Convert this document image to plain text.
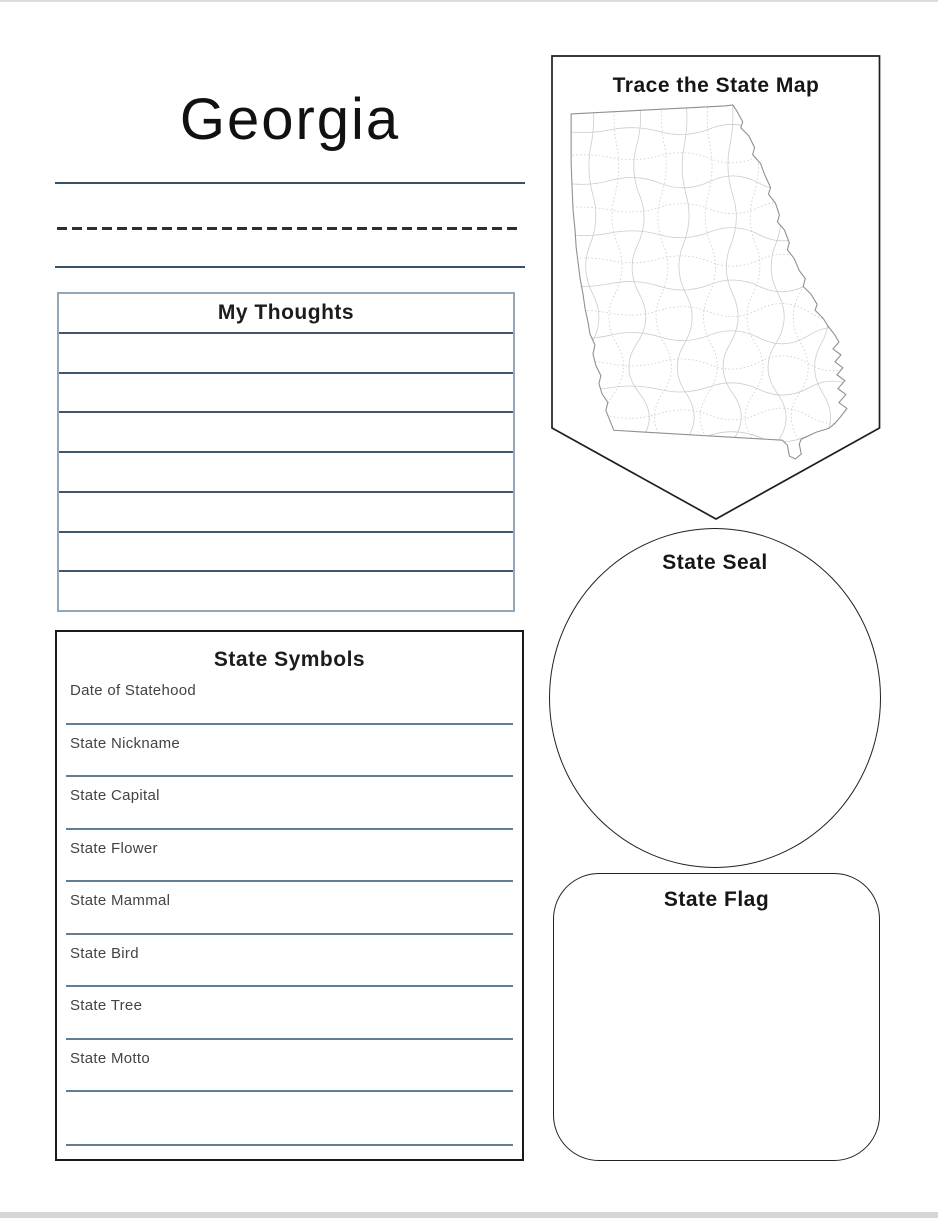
Georgia
My Thoughts
State Symbols
Date of Statehood
State Nickname
State Capital
State Flower
State Mammal
State Bird
State Tree
State Motto
Trace the State Map
State Seal
State Flag
